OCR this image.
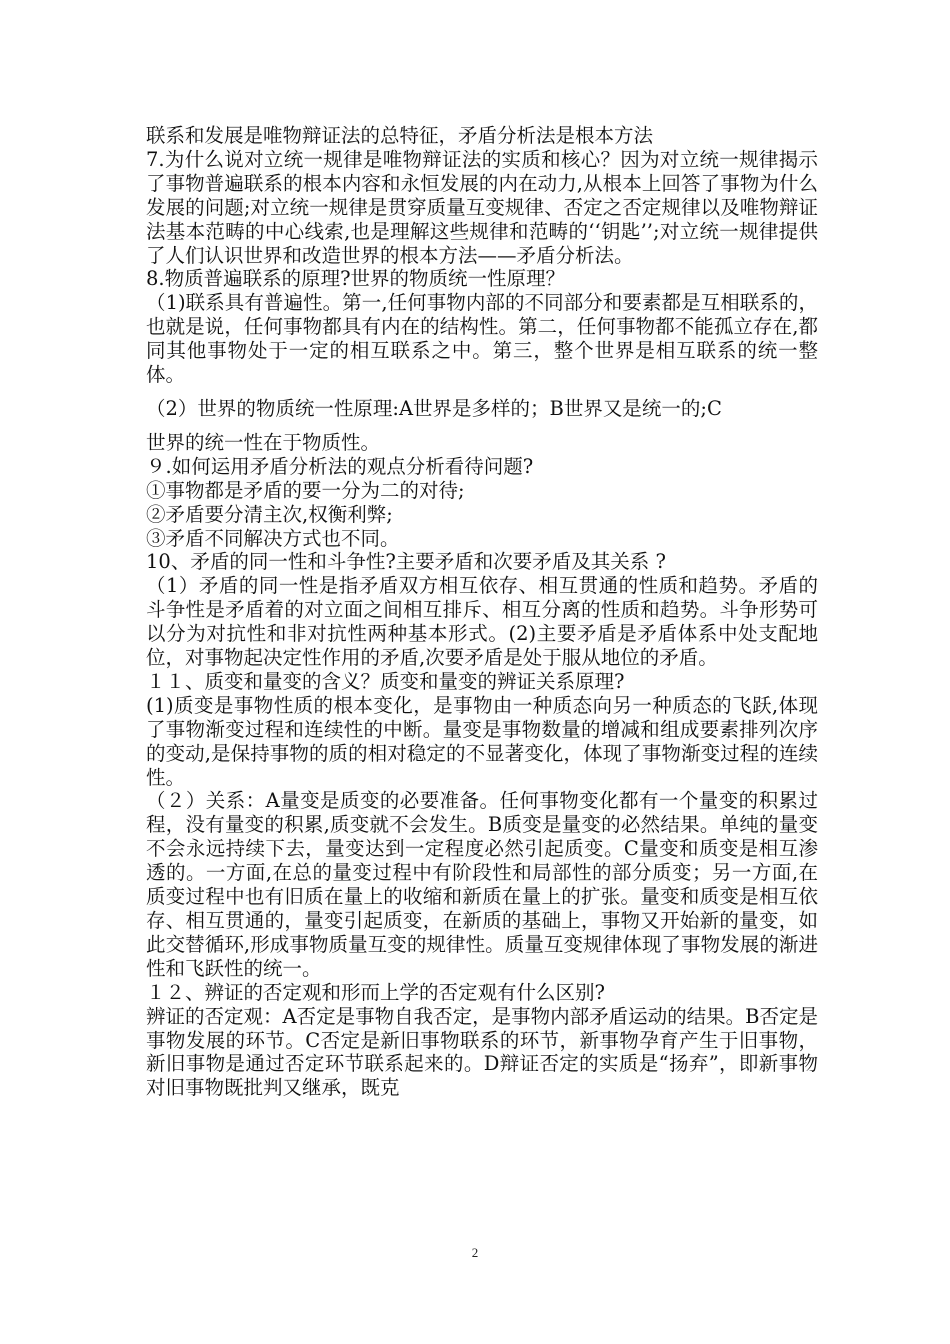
联系和发展是唯物辩证法的总特征，矛盾分析法是根本方法

7.为什么说对立统一规律是唯物辩证法的实质和核心？因为对立统一规律揭示了事物普遍联系的根本内容和永恒发展的内在动力,从根本上回答了事物为什么发展的问题;对立统一规律是贯穿质量互变规律、否定之否定规律以及唯物辩证法基本范畴的中心线索,也是理解这些规律和范畴的‘‘钥匙’’;对立统一规律提供了人们认识世界和改造世界的根本方法——矛盾分析法。

8.物质普遍联系的原理?世界的物质统一性原理？

（1)联系具有普遍性。第一,任何事物内部的不同部分和要素都是互相联系的，也就是说，任何事物都具有内在的结构性。第二，任何事物都不能孤立存在,都同其他事物处于一定的相互联系之中。第三，整个世界是相互联系的统一整体。

（2）世界的物质统一性原理:A世界是多样的；B世界又是统一的;C

世界的统一性在于物质性。

９.如何运用矛盾分析法的观点分析看待问题?

①事物都是矛盾的要一分为二的对待;

②矛盾要分清主次,权衡利弊;

③矛盾不同解决方式也不同。

10、矛盾的同一性和斗争性?主要矛盾和次要矛盾及其关系 ?

（1）矛盾的同一性是指矛盾双方相互依存、相互贯通的性质和趋势。矛盾的斗争性是矛盾着的对立面之间相互排斥、相互分离的性质和趋势。斗争形势可以分为对抗性和非对抗性两种基本形式。(2)主要矛盾是矛盾体系中处支配地位，对事物起决定性作用的矛盾,次要矛盾是处于服从地位的矛盾。

１１、质变和量变的含义？质变和量变的辨证关系原理?

(1)质变是事物性质的根本变化，是事物由一种质态向另一种质态的飞跃,体现了事物渐变过程和连续性的中断。量变是事物数量的增减和组成要素排列次序的变动,是保持事物的质的相对稳定的不显著变化，体现了事物渐变过程的连续性。

（２）关系：A量变是质变的必要准备。任何事物变化都有一个量变的积累过程，没有量变的积累,质变就不会发生。B质变是量变的必然结果。单纯的量变不会永远持续下去，量变达到一定程度必然引起质变。C量变和质变是相互渗透的。一方面,在总的量变过程中有阶段性和局部性的部分质变；另一方面,在质变过程中也有旧质在量上的收缩和新质在量上的扩张。量变和质变是相互依存、相互贯通的，量变引起质变，在新质的基础上，事物又开始新的量变，如此交替循环,形成事物质量互变的规律性。质量互变规律体现了事物发展的渐进性和飞跃性的统一。

１２、辨证的否定观和形而上学的否定观有什么区别?

辨证的否定观：A否定是事物自我否定，是事物内部矛盾运动的结果。B否定是事物发展的环节。C否定是新旧事物联系的环节，新事物孕育产生于旧事物，新旧事物是通过否定环节联系起来的。D辩证否定的实质是“扬弃”，即新事物对旧事物既批判又继承，既克

2
